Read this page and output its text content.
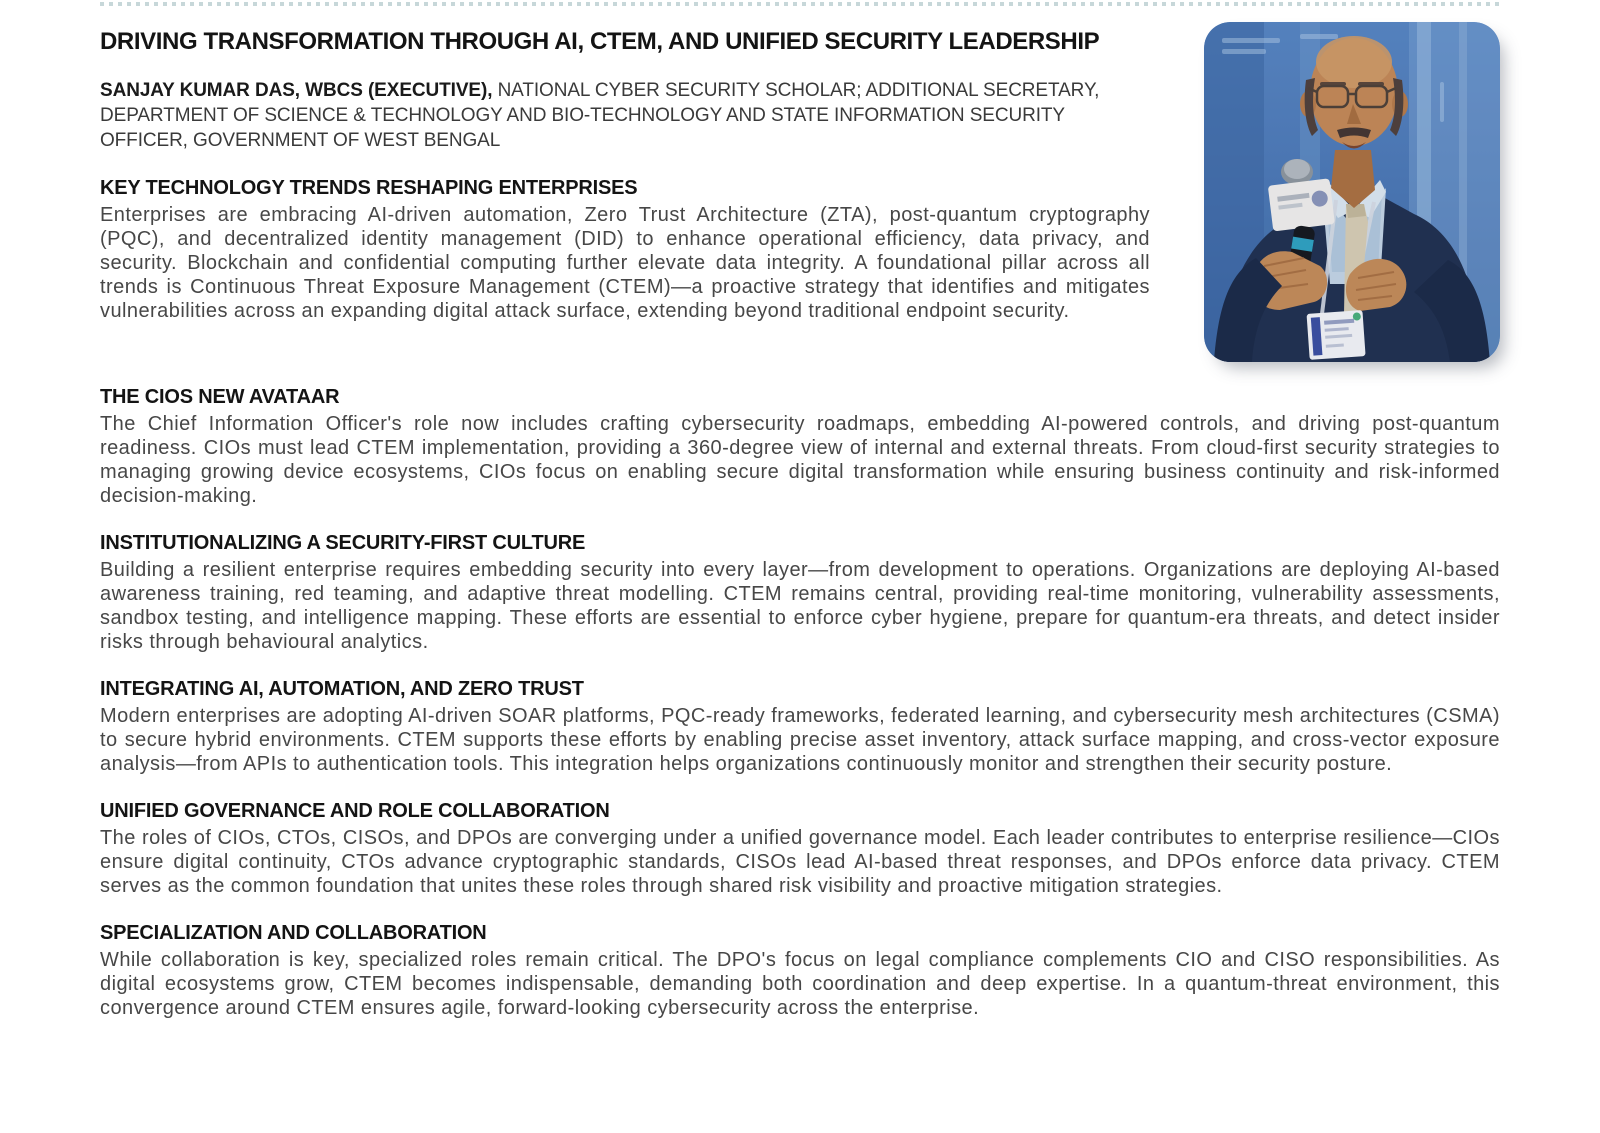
DRIVING TRANSFORMATION THROUGH AI, CTEM, AND UNIFIED SECURITY LEADERSHIP

SANJAY KUMAR DAS, WBCS (EXECUTIVE), NATIONAL CYBER SECURITY SCHOLAR; ADDITIONAL SECRETARY, DEPARTMENT OF SCIENCE & TECHNOLOGY AND BIO-TECHNOLOGY AND STATE INFORMATION SECURITY OFFICER, GOVERNMENT OF WEST BENGAL

KEY TECHNOLOGY TRENDS RESHAPING ENTERPRISES

Enterprises are embracing AI-driven automation, Zero Trust Architecture (ZTA), post-quantum cryptography (PQC), and decentralized identity management (DID) to enhance operational efficiency, data privacy, and security. Blockchain and confidential computing further elevate data integrity. A foundational pillar across all trends is Continuous Threat Exposure Management (CTEM)—a proactive strategy that identifies and mitigates vulnerabilities across an expanding digital attack surface, extending beyond traditional endpoint security.

THE CIOS NEW AVATAAR

The Chief Information Officer's role now includes crafting cybersecurity roadmaps, embedding AI-powered controls, and driving post-quantum readiness. CIOs must lead CTEM implementation, providing a 360-degree view of internal and external threats. From cloud-first security strategies to managing growing device ecosystems, CIOs focus on enabling secure digital transformation while ensuring business continuity and risk-informed decision-making.

INSTITUTIONALIZING A SECURITY-FIRST CULTURE

Building a resilient enterprise requires embedding security into every layer—from development to operations. Organizations are deploying AI-based awareness training, red teaming, and adaptive threat modelling. CTEM remains central, providing real-time monitoring, vulnerability assessments, sandbox testing, and intelligence mapping. These efforts are essential to enforce cyber hygiene, prepare for quantum-era threats, and detect insider risks through behavioural analytics.

INTEGRATING AI, AUTOMATION, AND ZERO TRUST

Modern enterprises are adopting AI-driven SOAR platforms, PQC-ready frameworks, federated learning, and cybersecurity mesh architectures (CSMA) to secure hybrid environments. CTEM supports these efforts by enabling precise asset inventory, attack surface mapping, and cross-vector exposure analysis—from APIs to authentication tools. This integration helps organizations continuously monitor and strengthen their security posture.

UNIFIED GOVERNANCE AND ROLE COLLABORATION

The roles of CIOs, CTOs, CISOs, and DPOs are converging under a unified governance model. Each leader contributes to enterprise resilience—CIOs ensure digital continuity, CTOs advance cryptographic standards, CISOs lead AI-based threat responses, and DPOs enforce data privacy. CTEM serves as the common foundation that unites these roles through shared risk visibility and proactive mitigation strategies.

SPECIALIZATION AND COLLABORATION

While collaboration is key, specialized roles remain critical. The DPO's focus on legal compliance complements CIO and CISO responsibilities. As digital ecosystems grow, CTEM becomes indispensable, demanding both coordination and deep expertise. In a quantum-threat environment, this convergence around CTEM ensures agile, forward-looking cybersecurity across the enterprise.
